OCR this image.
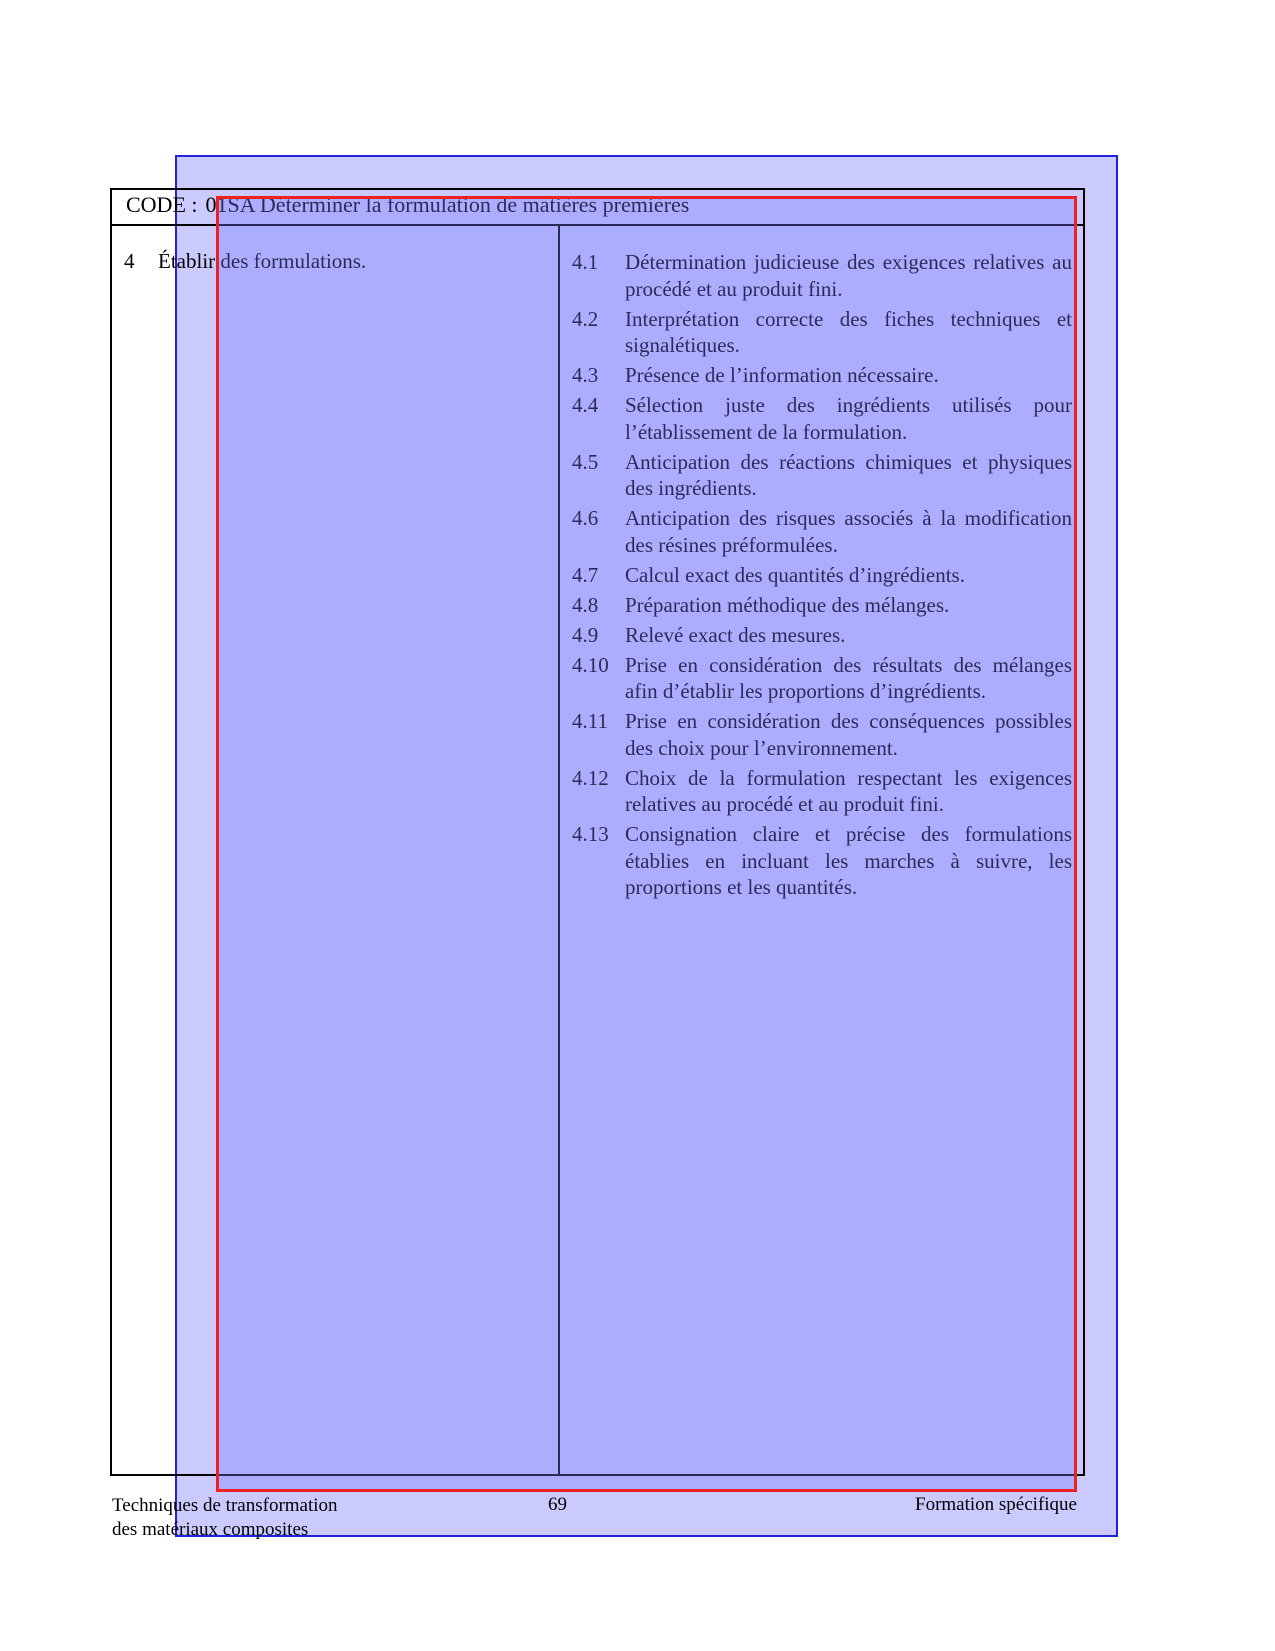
CODE : 01SA Déterminer la formulation de matières premières
4 Établir des formulations.	4.1	Détermination judicieuse des exigences relatives au procédé et au produit fini.
4.2	Interprétation correcte des fiches techniques et signalétiques.
4.3	Présence de l’information nécessaire.
4.4	Sélection juste des ingrédients utilisés pour l’établissement de la formulation.
4.5	Anticipation des réactions chimiques et physiques des ingrédients.
4.6	Anticipation des risques associés à la modification des résines préformulées.
4.7	Calcul exact des quantités d’ingrédients.
4.8	Préparation méthodique des mélanges.
4.9	Relevé exact des mesures.
4.10 Prise en considération des résultats des mélanges afin d’établir les proportions d’ingrédients.
4.11 Prise en considération des conséquences possibles des choix pour l’environnement.
4.12 Choix de la formulation respectant les exigences relatives au procédé et au produit fini.
4.13 Consignation claire et précise des formulations établies en incluant les marches à suivre, les proportions et les quantités.
Techniques de transformation
des matériaux composites
69	Formation spécifique
